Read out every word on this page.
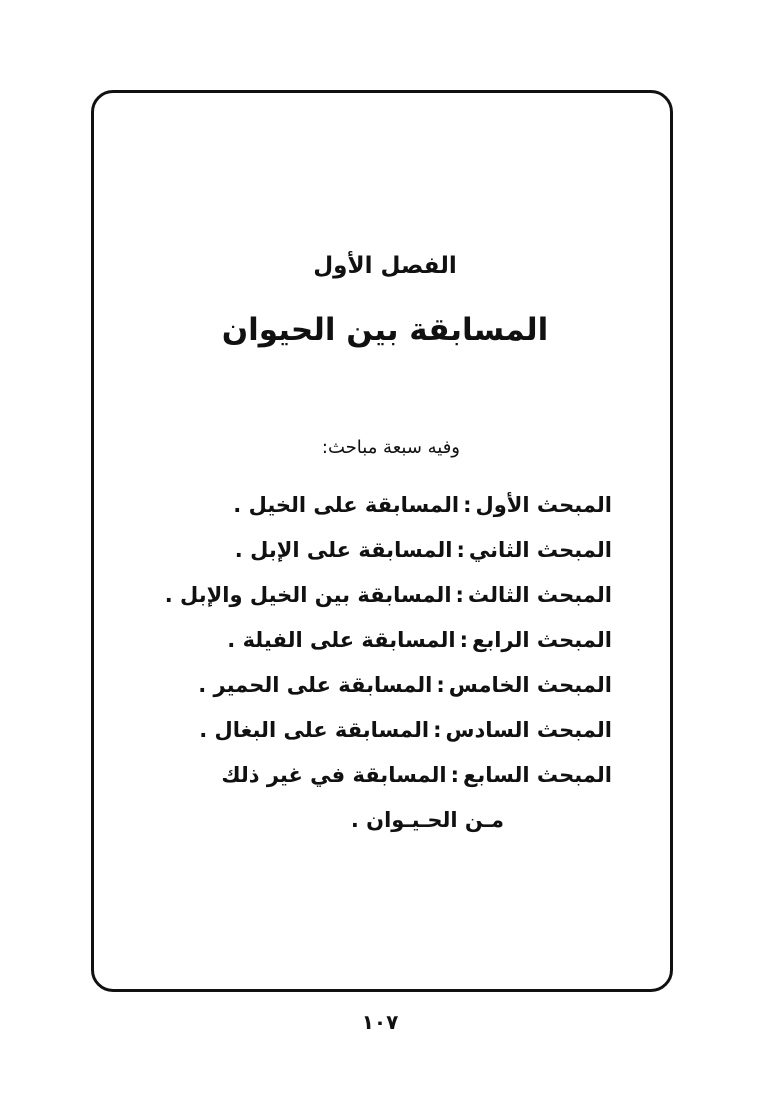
الفصل الأول
المسابقة بين الحيوان
وفيه سبعة مباحث:
المبحث الأول
:
المسابقة على الخيل .
المبحث الثاني
:
المسابقة على الإبل .
المبحث الثالث
:
المسابقة بين الخيل والإبل .
المبحث الرابع
:
المسابقة على الفيلة .
المبحث الخامس
:
المسابقة على الحمير .
المبحث السادس
:
المسابقة على البغال .
المبحث السابع
:
المسابقة في غير ذلك
مـن الحـيـوان .
١٠٧
